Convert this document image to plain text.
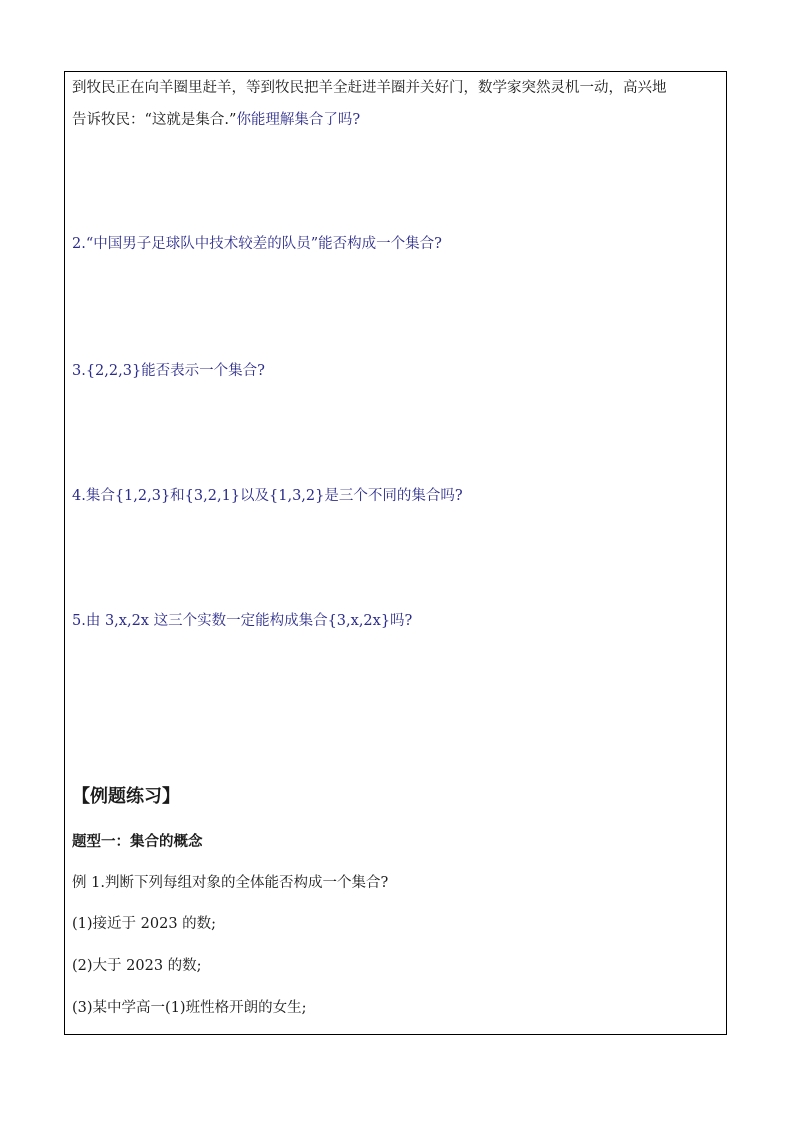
到牧民正在向羊圈里赶羊，等到牧民把羊全赶进羊圈并关好门，数学家突然灵机一动，高兴地
告诉牧民：“这就是集合.”你能理解集合了吗?
2.“中国男子足球队中技术较差的队员”能否构成一个集合?
3.{2,2,3}能否表示一个集合?
4.集合{1,2,3}和{3,2,1}以及{1,3,2}是三个不同的集合吗?
5.由 3,x,2x 这三个实数一定能构成集合{3,x,2x}吗?
【例题练习】
题型一：集合的概念
例 1.判断下列每组对象的全体能否构成一个集合?
(1)接近于 2023 的数;
(2)大于 2023 的数;
(3)某中学高一(1)班性格开朗的女生;
